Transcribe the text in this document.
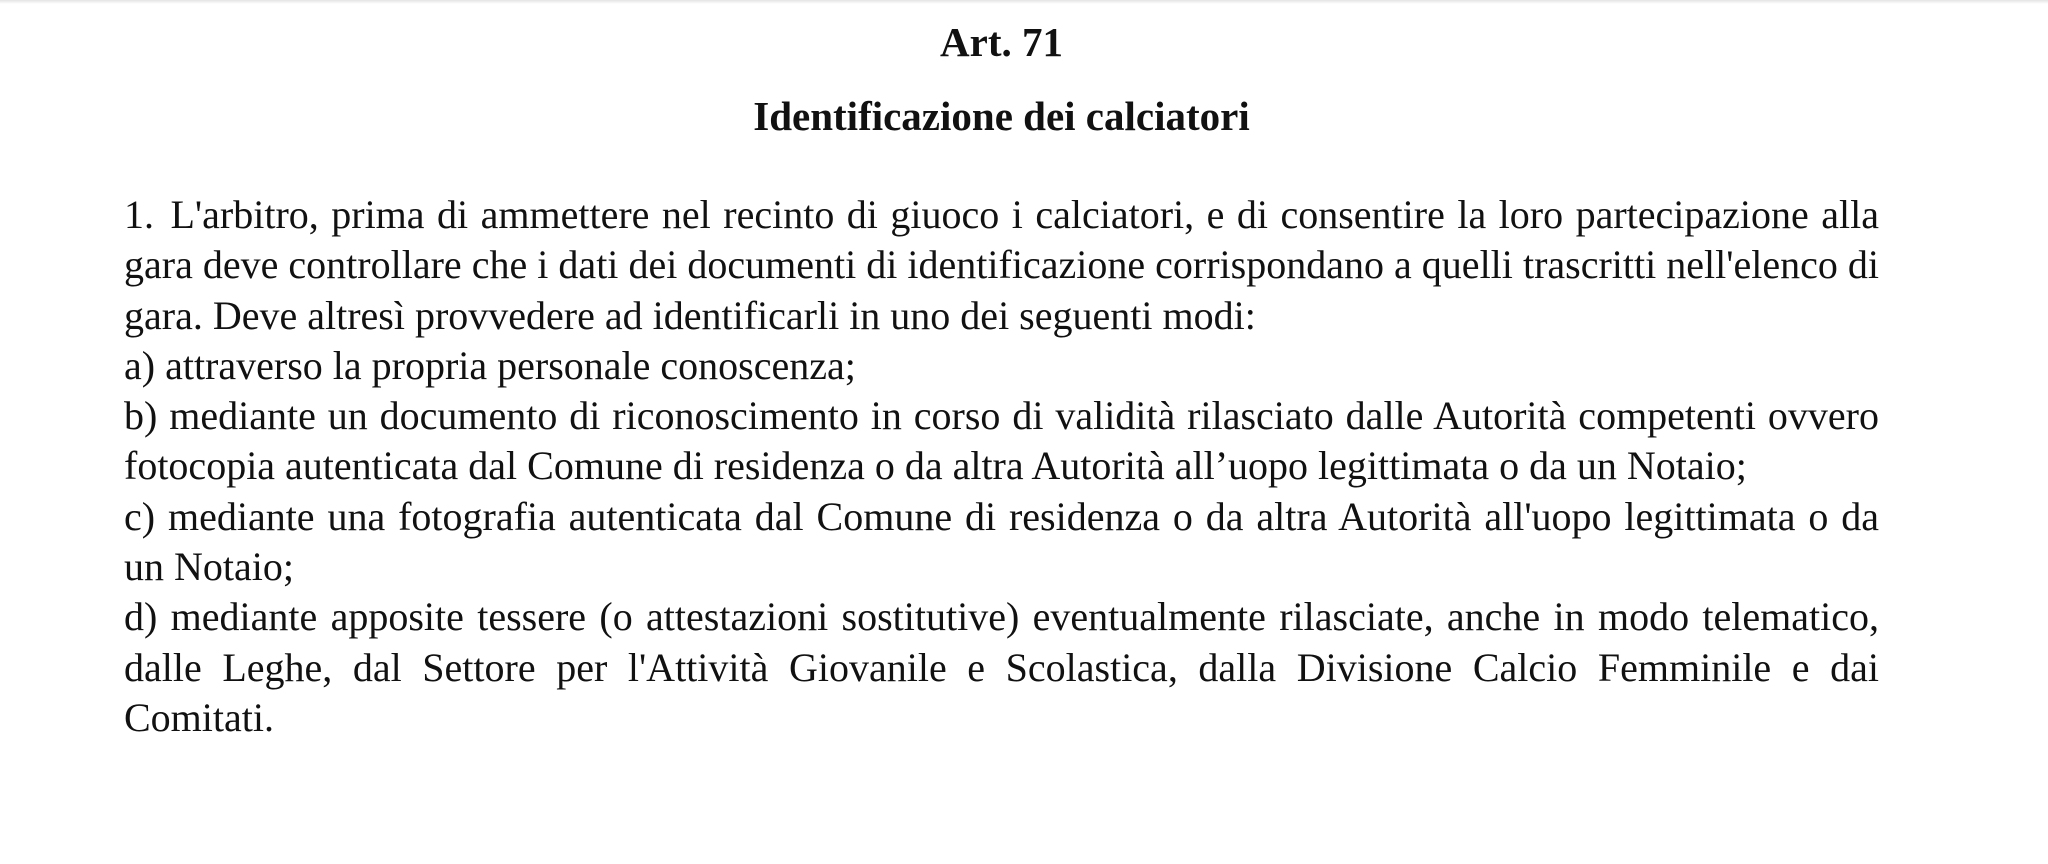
Art. 71
Identificazione dei calciatori

1. L'arbitro, prima di ammettere nel recinto di giuoco i calciatori, e di consentire la loro partecipazione alla gara deve controllare che i dati dei documenti di identificazione corrispondano a quelli trascritti nell'elenco di gara. Deve altresì provvedere ad identificarli in uno dei seguenti modi:

a) attraverso la propria personale conoscenza;

b) mediante un documento di riconoscimento in corso di validità rilasciato dalle Autorità competenti ovvero fotocopia autenticata dal Comune di residenza o da altra Autorità all’uopo legittimata o da un Notaio;

c) mediante una fotografia autenticata dal Comune di residenza o da altra Autorità all'uopo legittimata o da un Notaio;

d) mediante apposite tessere (o attestazioni sostitutive) eventualmente rilasciate, anche in modo telematico, dalle Leghe, dal Settore per l'Attività Giovanile e Scolastica, dalla Divisione Calcio Femminile e dai Comitati.
